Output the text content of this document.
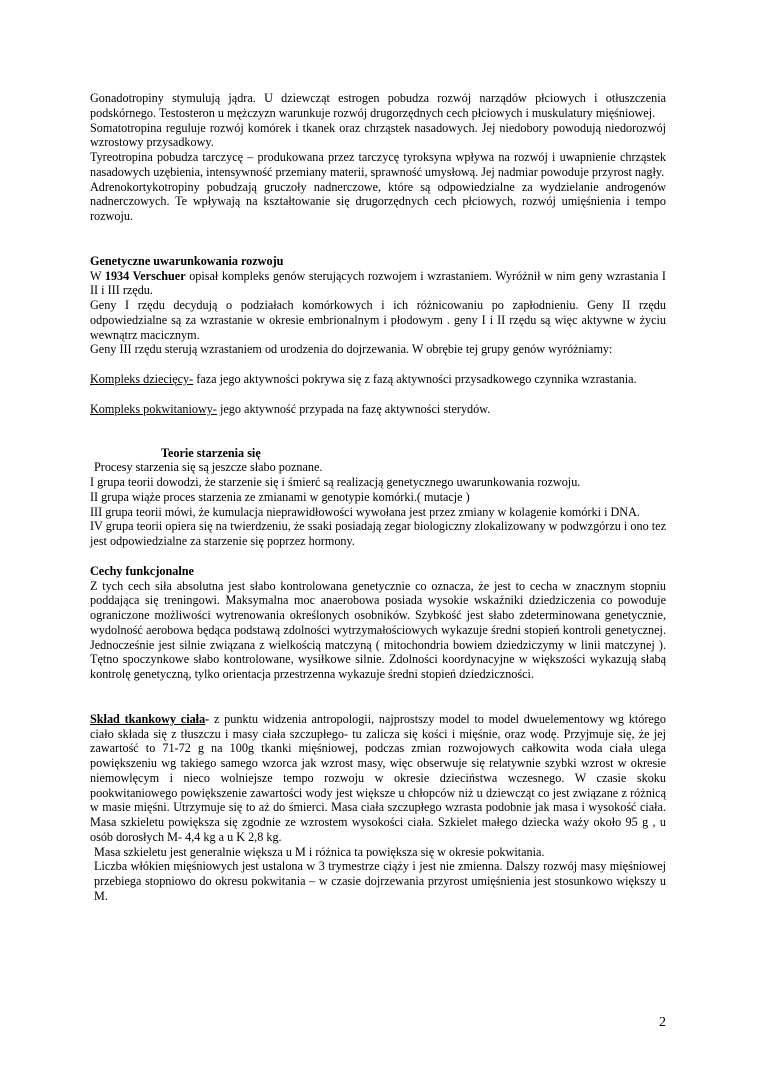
Gonadotropiny stymulują jądra. U dziewcząt estrogen pobudza rozwój narządów płciowych i otłuszczenia podskórnego. Testosteron u mężczyzn warunkuje rozwój drugorzędnych cech płciowych i muskulatury mięśniowej.

Somatotropina reguluje rozwój komórek i tkanek oraz chrząstek nasadowych. Jej niedobory powodują niedorozwój wzrostowy przysadkowy.

Tyreotropina pobudza tarczycę – produkowana przez tarczycę tyroksyna wpływa na rozwój i uwapnienie chrząstek nasadowych uzębienia, intensywność przemiany materii, sprawność umysłową. Jej nadmiar powoduje przyrost nagły.

Adrenokortykotropiny pobudzają gruczoły nadnerczowe, które są odpowiedzialne za wydzielanie androgenów nadnerczowych. Te wpływają na kształtowanie się drugorzędnych cech płciowych, rozwój umięśnienia i tempo rozwoju.

Genetyczne uwarunkowania rozwoju

W 1934 Verschuer opisał kompleks genów sterujących rozwojem i wzrastaniem. Wyróżnił w nim geny wzrastania I II i III rzędu.

Geny I rzędu decydują o podziałach komórkowych i ich różnicowaniu po zapłodnieniu. Geny II rzędu odpowiedzialne są za wzrastanie w okresie embrionalnym i płodowym . geny I i II rzędu są więc aktywne w życiu wewnątrz macicznym.

Geny III rzędu sterują wzrastaniem od urodzenia do dojrzewania. W obrębie tej grupy genów wyróżniamy:

Kompleks dziecięcy- faza jego aktywności pokrywa się z fazą aktywności przysadkowego czynnika wzrastania.

Kompleks pokwitaniowy- jego aktywność przypada na fazę aktywności sterydów.

Teorie starzenia się

Procesy starzenia się są jeszcze słabo poznane.

I grupa teorii dowodzi, że starzenie się i śmierć są realizacją genetycznego uwarunkowania rozwoju.

II grupa wiąże proces starzenia ze zmianami w genotypie komórki.( mutacje )

III grupa teorii mówi, że kumulacja nieprawidłowości wywołana jest przez zmiany w kolagenie komórki i DNA.

IV grupa teorii opiera się na twierdzeniu, że ssaki posiadają zegar biologiczny zlokalizowany w podwzgórzu i ono tez jest odpowiedzialne za starzenie się poprzez hormony.

Cechy funkcjonalne

Z tych cech siła absolutna jest słabo kontrolowana genetycznie co oznacza, że jest to cecha w znacznym stopniu poddająca się treningowi. Maksymalna moc anaerobowa posiada wysokie wskaźniki dziedziczenia co powoduje ograniczone możliwości wytrenowania określonych osobników. Szybkość jest słabo zdeterminowana genetycznie, wydolność aerobowa będąca podstawą zdolności wytrzymałościowych wykazuje średni stopień kontroli genetycznej. Jednocześnie jest silnie związana z wielkością matczyną ( mitochondria bowiem dziedziczymy w linii matczynej ). Tętno spoczynkowe słabo kontrolowane, wysiłkowe silnie. Zdolności koordynacyjne w większości wykazują słabą kontrolę genetyczną, tylko orientacja przestrzenna wykazuje średni stopień dziedziczności.

Skład tkankowy ciała- z punktu widzenia antropologii, najprostszy model to model dwuelementowy wg którego ciało składa się z tłuszczu i masy ciała szczupłego- tu zalicza się kości i mięśnie, oraz wodę. Przyjmuje się, że jej zawartość to 71-72 g na 100g tkanki mięśniowej, podczas zmian rozwojowych całkowita woda ciała ulega powiększeniu wg takiego samego wzorca jak wzrost masy, więc obserwuje się relatywnie szybki wzrost w okresie niemowlęcym i nieco wolniejsze tempo rozwoju w okresie dzieciństwa wczesnego. W czasie skoku pookwitaniowego powiększenie zawartości wody jest większe u chłopców niż u dziewcząt co jest związane z różnicą w masie mięśni. Utrzymuje się to aż do śmierci. Masa ciała szczupłego wzrasta podobnie jak masa i wysokość ciała. Masa szkieletu powiększa się zgodnie ze wzrostem wysokości ciała. Szkielet małego dziecka waży około 95 g , u osób dorosłych M- 4,4 kg a u K 2,8 kg.

Masa szkieletu jest generalnie większa u M i różnica ta powiększa się w okresie pokwitania.

Liczba włókien mięśniowych jest ustalona w 3 trymestrze ciąży i jest nie zmienna. Dalszy rozwój masy mięśniowej przebiega stopniowo do okresu pokwitania – w czasie dojrzewania przyrost umięśnienia jest stosunkowo większy u M.

2
